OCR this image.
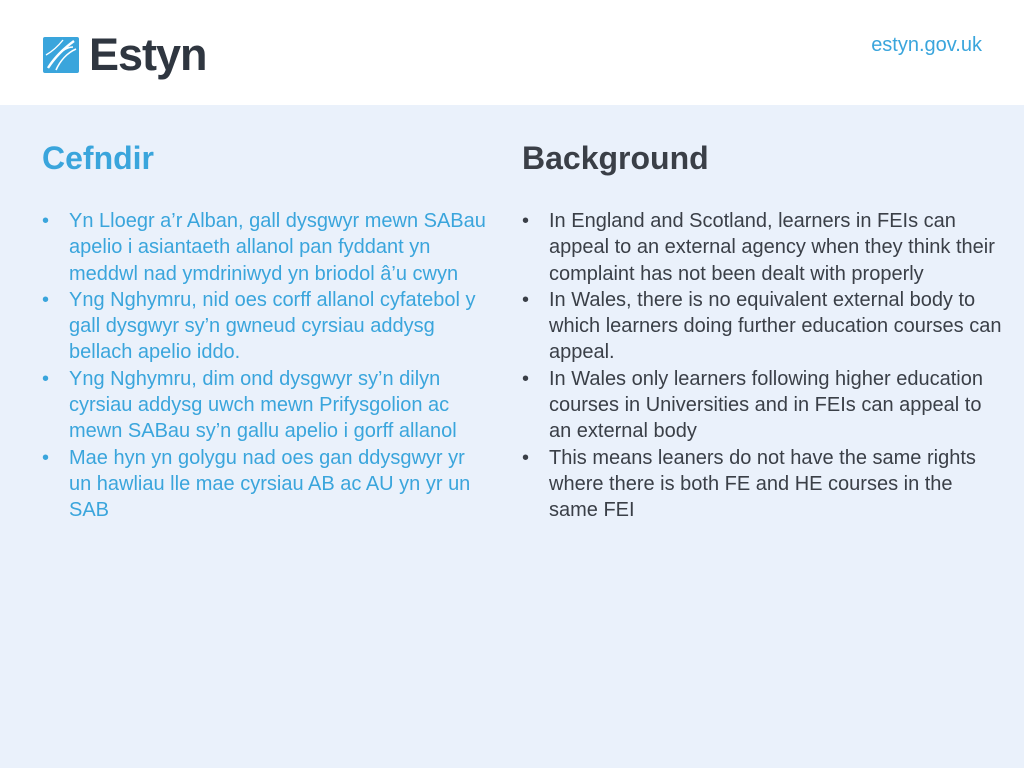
Estyn	estyn.gov.uk
Cefndir
• Yn Lloegr a’r Alban, gall dysgwyr mewn SABau apelio i asiantaeth allanol pan fyddant yn meddwl nad ymdriniwyd yn briodol â’u cwyn
• Yng Nghymru, nid oes corff allanol cyfatebol y gall dysgwyr sy’n gwneud cyrsiau addysg bellach apelio iddo.
• Yng Nghymru, dim ond dysgwyr sy’n dilyn cyrsiau addysg uwch mewn Prifysgolion ac mewn SABau sy’n gallu apelio i gorff allanol
• Mae hyn yn golygu nad oes gan ddysgwyr yr un hawliau lle mae cyrsiau AB ac AU yn yr un SAB
Background
• In England and Scotland, learners in FEIs can appeal to an external agency when they think their complaint has not been dealt with properly
• In Wales, there is no equivalent external body to which learners doing further education courses can appeal.
• In Wales only learners following higher education courses in Universities and in FEIs can appeal to an external body
• This means leaners do not have the same rights where there is both FE and HE courses in the same FEI
